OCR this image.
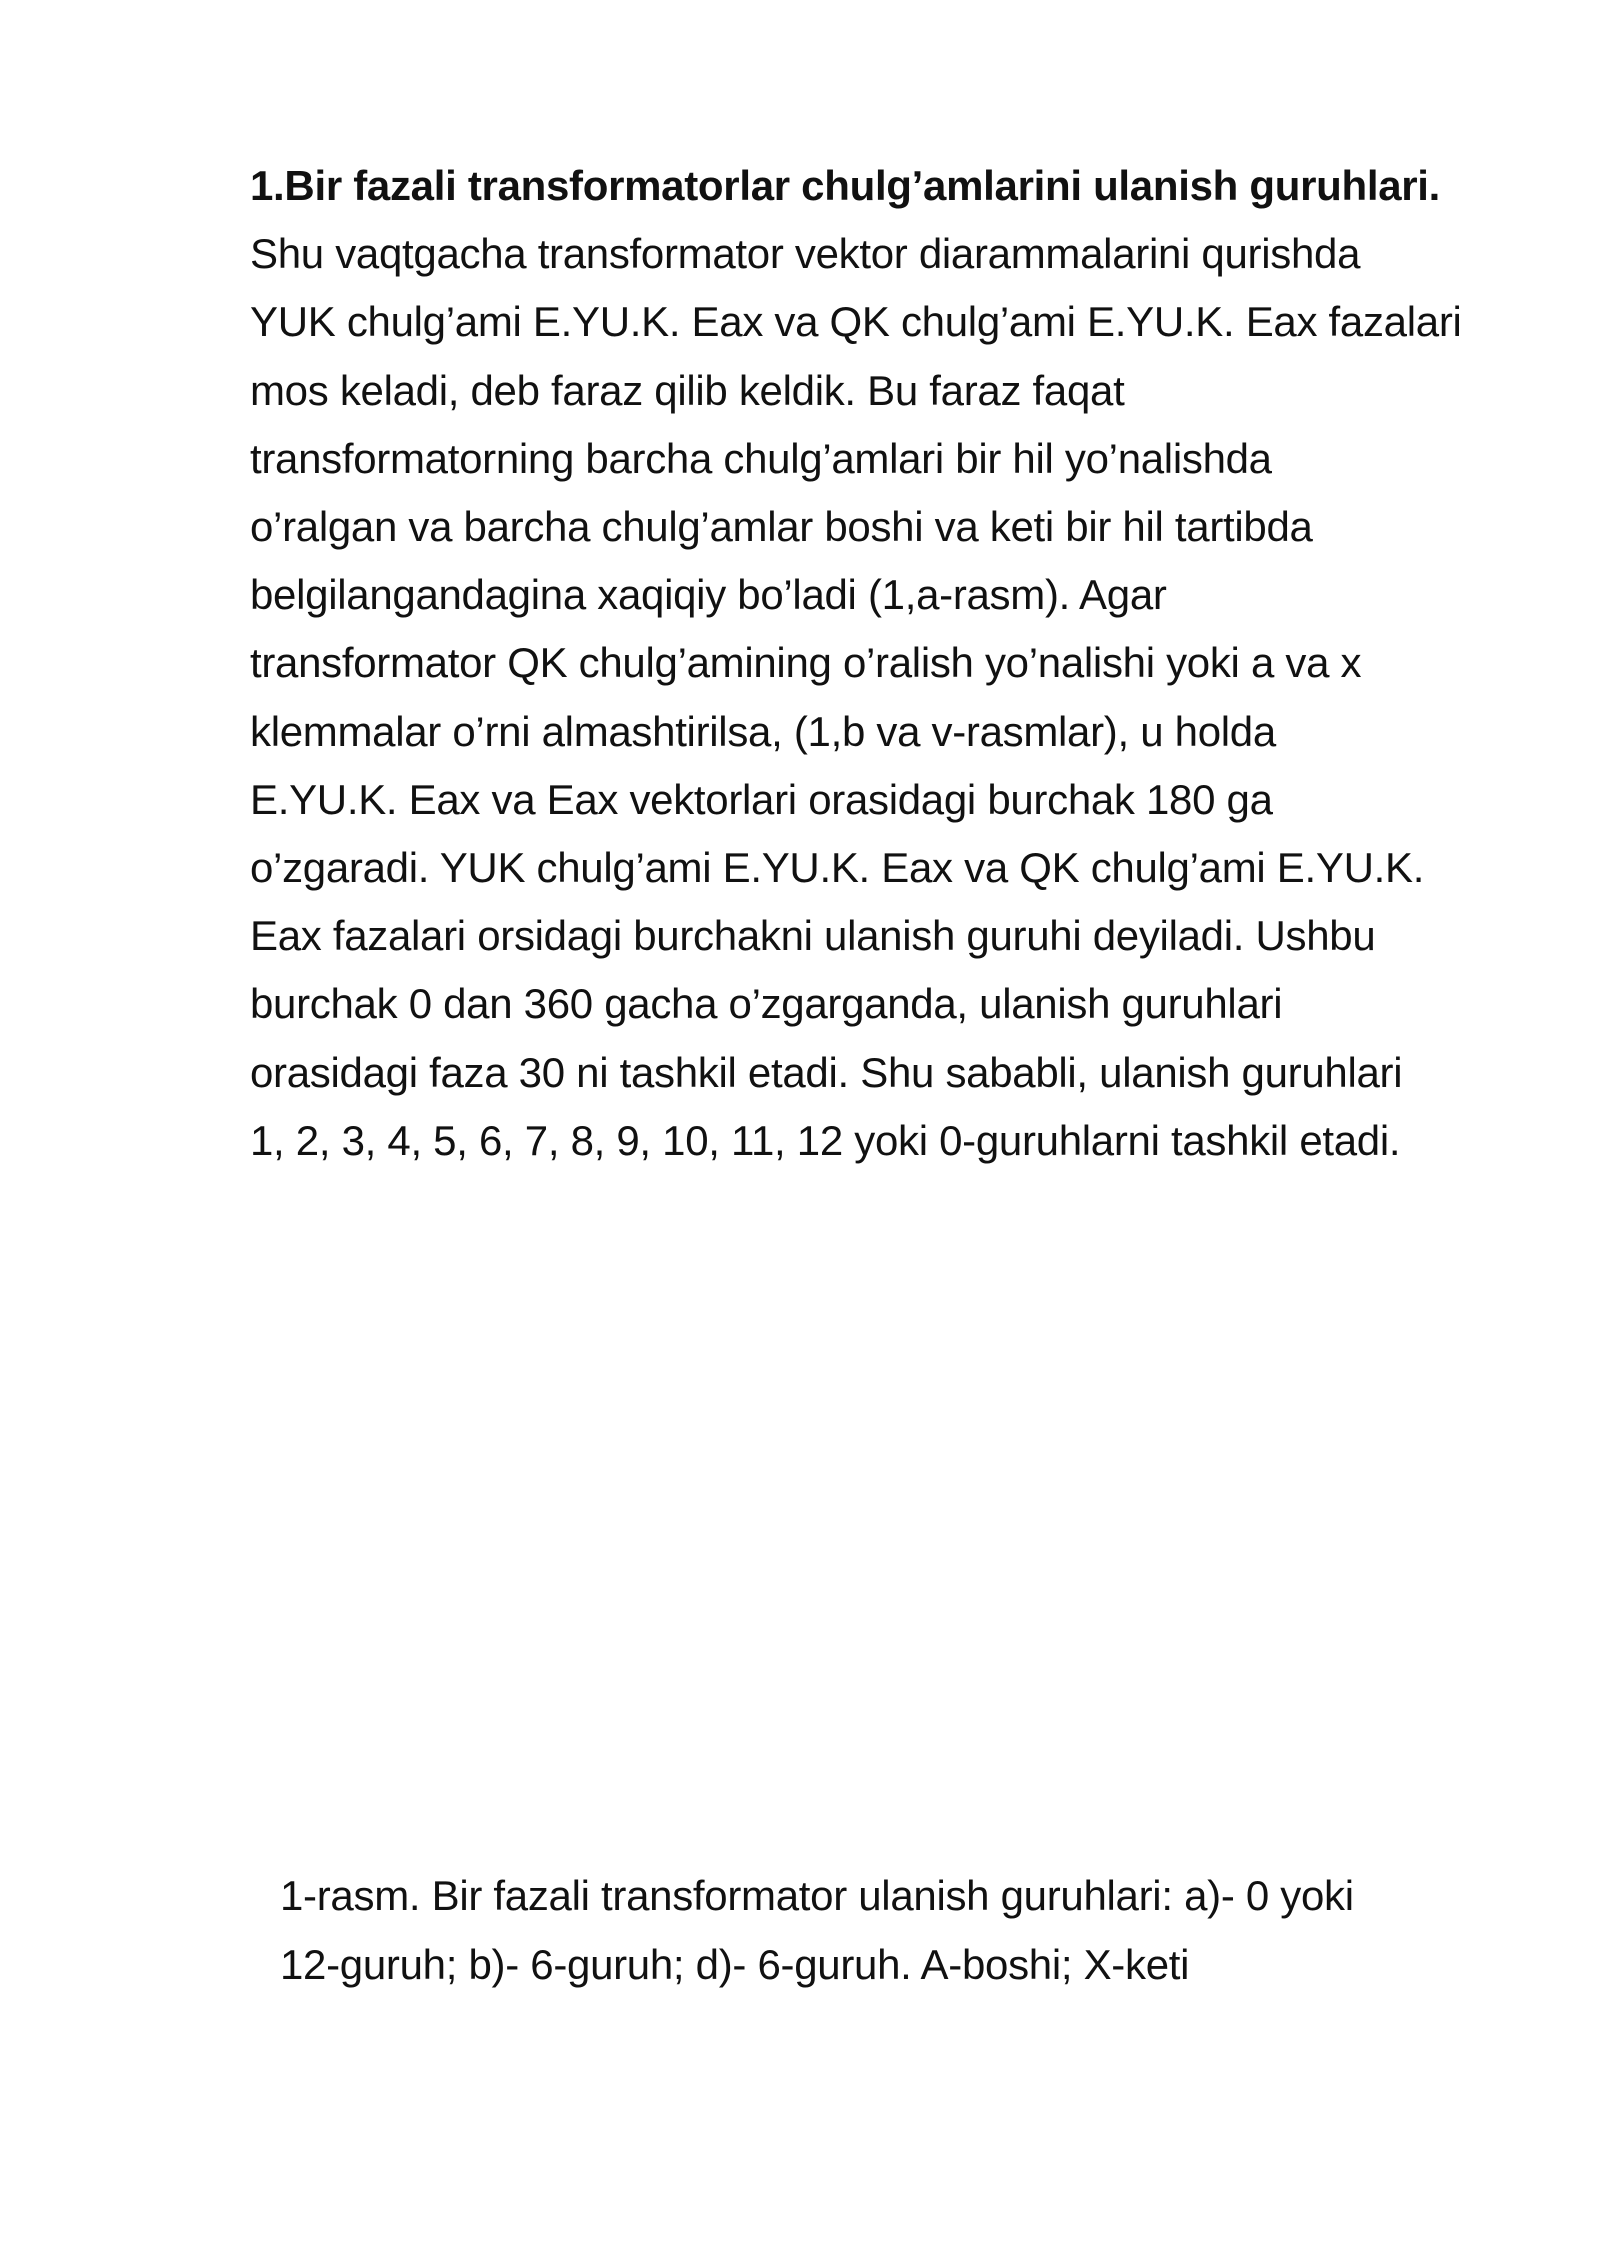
1.Bir fazali transformatorlar chulg’amlarini ulanish guruhlari.
Shu vaqtgacha transformator vektor diarammalarini qurishda
YUK chulg’ami E.YU.K. Eax va QK chulg’ami E.YU.K. Eax fazalari
mos keladi, deb faraz qilib keldik. Bu faraz faqat
transformatorning barcha chulg’amlari bir hil yo’nalishda
o’ralgan va barcha chulg’amlar boshi va keti bir hil tartibda
belgilangandagina xaqiqiy bo’ladi (1,a-rasm). Agar
transformator QK chulg’amining o’ralish yo’nalishi yoki a va x
klemmalar o’rni almashtirilsa, (1,b va v-rasmlar), u holda
E.YU.K. Eax va Eax vektorlari orasidagi burchak 180 ga
o’zgaradi. YUK chulg’ami E.YU.K. Eax va QK chulg’ami E.YU.K.
Eax fazalari orsidagi burchakni ulanish guruhi deyiladi. Ushbu
burchak 0 dan 360 gacha o’zgarganda, ulanish guruhlari
orasidagi faza 30 ni tashkil etadi. Shu sababli, ulanish guruhlari
1, 2, 3, 4, 5, 6, 7, 8, 9, 10, 11, 12 yoki 0-guruhlarni tashkil etadi.
1-rasm. Bir fazali transformator ulanish guruhlari: a)- 0 yoki
12-guruh; b)- 6-guruh; d)- 6-guruh. A-boshi; X-keti
